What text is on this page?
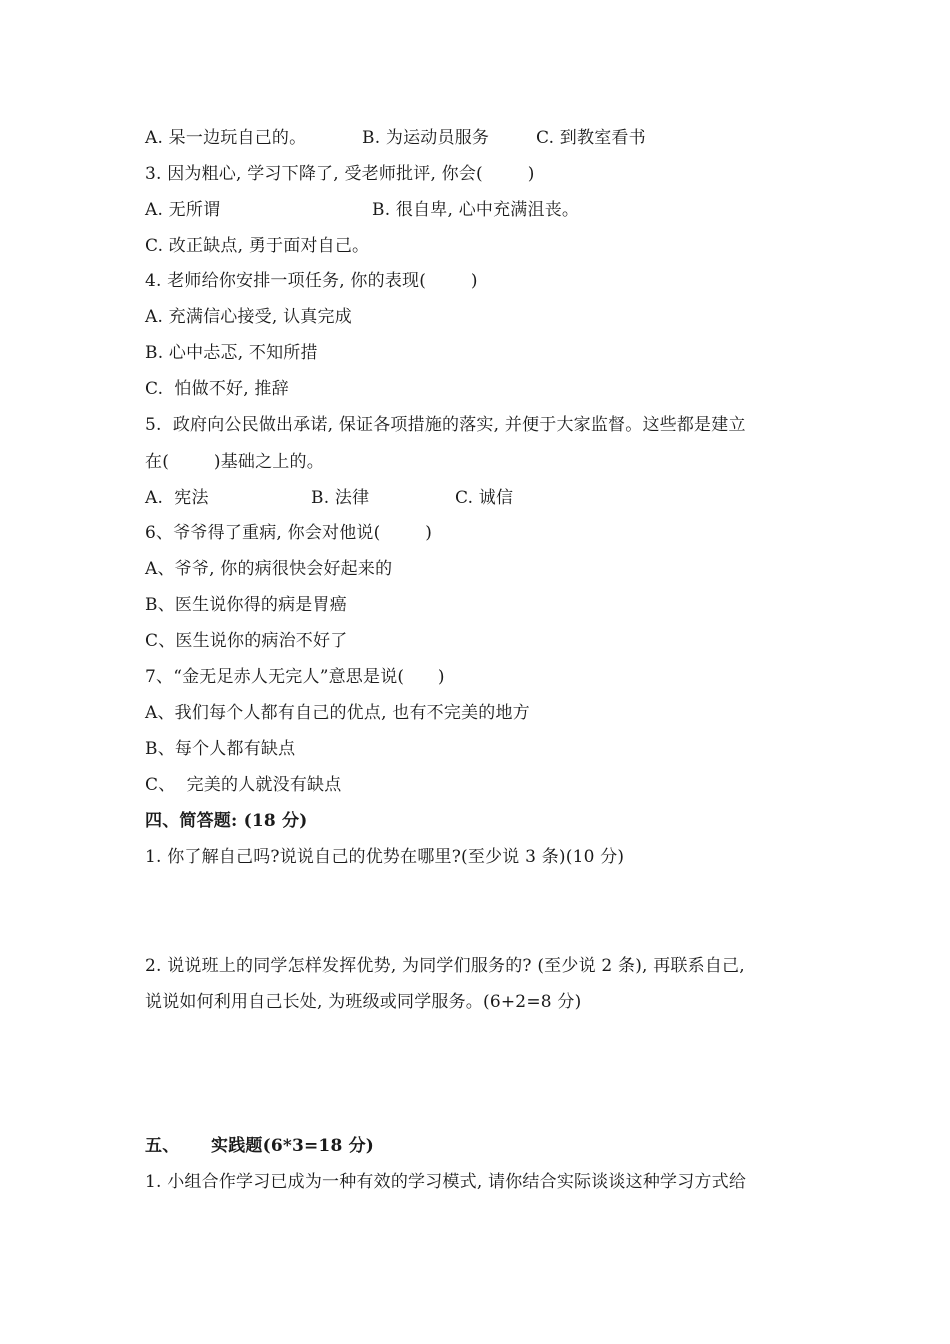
A. 呆一边玩自己的。

	B. 为运动员服务

	C. 到教室看书

3. 因为粗心, 学习下降了, 受老师批评, 你会(        )

A. 无所谓

	B. 很自卑, 心中充满沮丧。

C. 改正缺点, 勇于面对自己。
4. 老师给你安排一项任务, 你的表现(        )
A. 充满信心接受, 认真完成
B. 心中忐忑, 不知所措
C.  怕做不好, 推辞
5.  政府向公民做出承诺, 保证各项措施的落实, 并便于大家监督。这些都是建立
在(        )基础之上的。

A.  宪法

	B. 法律

	C. 诚信

6、爷爷得了重病, 你会对他说(        )
A、爷爷, 你的病很快会好起来的
B、医生说你得的病是胃癌
C、医生说你的病治不好了
7、“金无足赤人无完人”意思是说(      )
A、我们每个人都有自己的优点, 也有不完美的地方
B、每个人都有缺点
C、  完美的人就没有缺点
四、简答题: (18 分)
1. 你了解自己吗?说说自己的优势在哪里?(至少说 3 条)(10 分)
2. 说说班上的同学怎样发挥优势, 为同学们服务的? (至少说 2 条), 再联系自己,
说说如何利用自己长处, 为班级或同学服务。(6+2=8 分)

五、

实践题(6*3=18 分)

1. 小组合作学习已成为一种有效的学习模式, 请你结合实际谈谈这种学习方式给
